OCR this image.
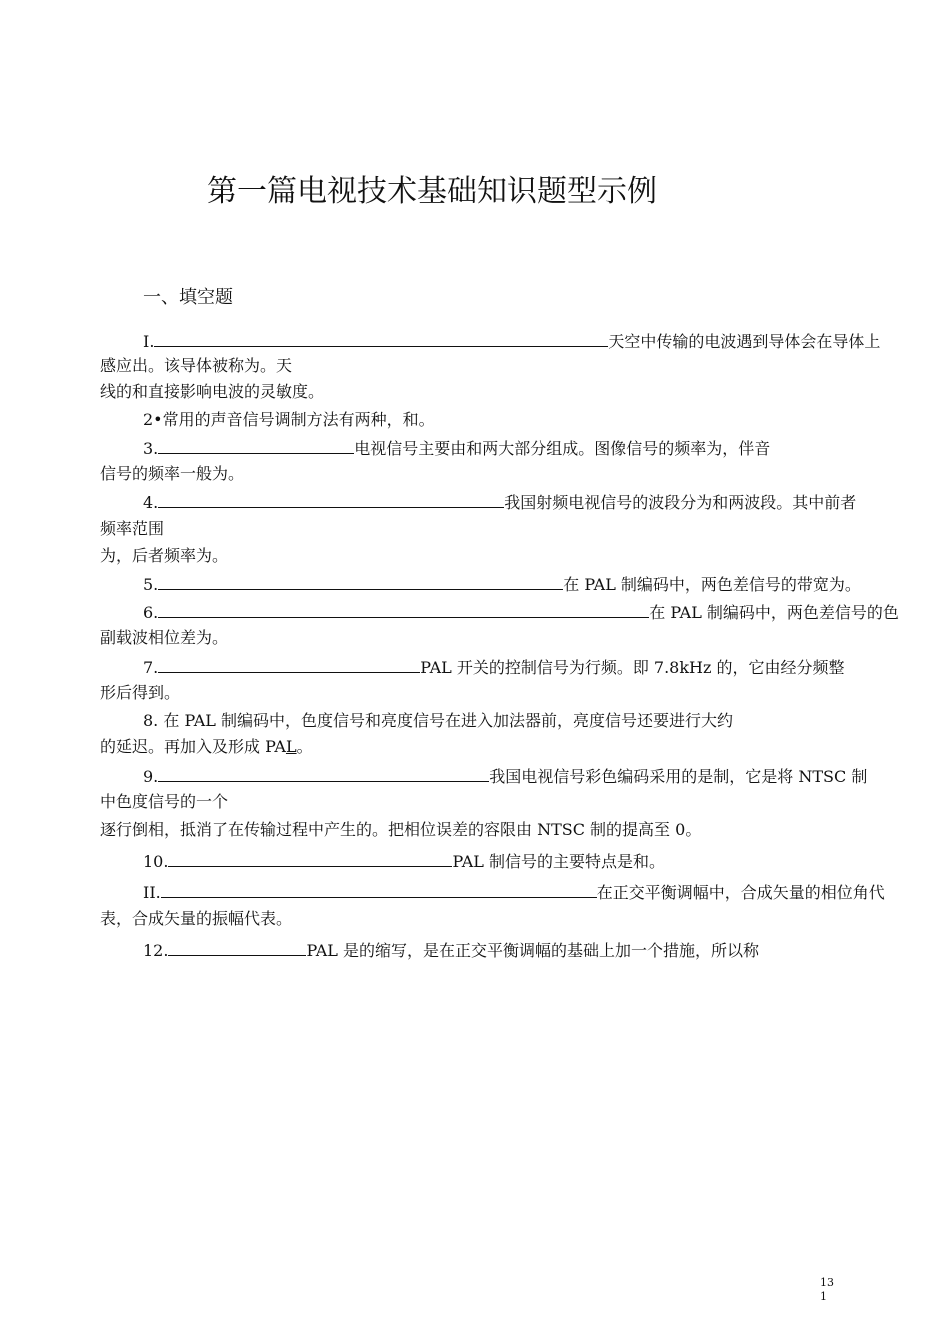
第一篇电视技术基础知识题型示例
一、填空题
I.	天空中传输的电波遇到导体会在导体上
感应出。该导体被称为。天
线的和直接影响电波的灵敏度。
2•常用的声音信号调制方法有两种，和。
3.	电视信号主要由和两大部分组成。图像信号的频率为，伴音
信号的频率一般为。
4.	我国射频电视信号的波段分为和两波段。其中前者
频率范围
为，后者频率为。
5.	在 PAL 制编码中，两色差信号的带宽为。
6.	在 PAL 制编码中，两色差信号的色
副载波相位差为。
7.	PAL 开关的控制信号为行频。即 7.8kHz 的，它由经分频整
形后得到。
8. 在 PAL 制编码中，色度信号和亮度信号在进入加法器前，亮度信号还要进行大约
的延迟。再加入及形成 PAL。
9.	我国电视信号彩色编码采用的是制，它是将 NTSC 制
中色度信号的一个
逐行倒相，抵消了在传输过程中产生的。把相位误差的容限由 NTSC 制的提高至 0。
10.	PAL 制信号的主要特点是和。
II.	在正交平衡调幅中，合成矢量的相位角代
表，合成矢量的振幅代表。
12.	PAL 是的缩写，是在正交平衡调幅的基础上加一个措施，所以称
13
1
